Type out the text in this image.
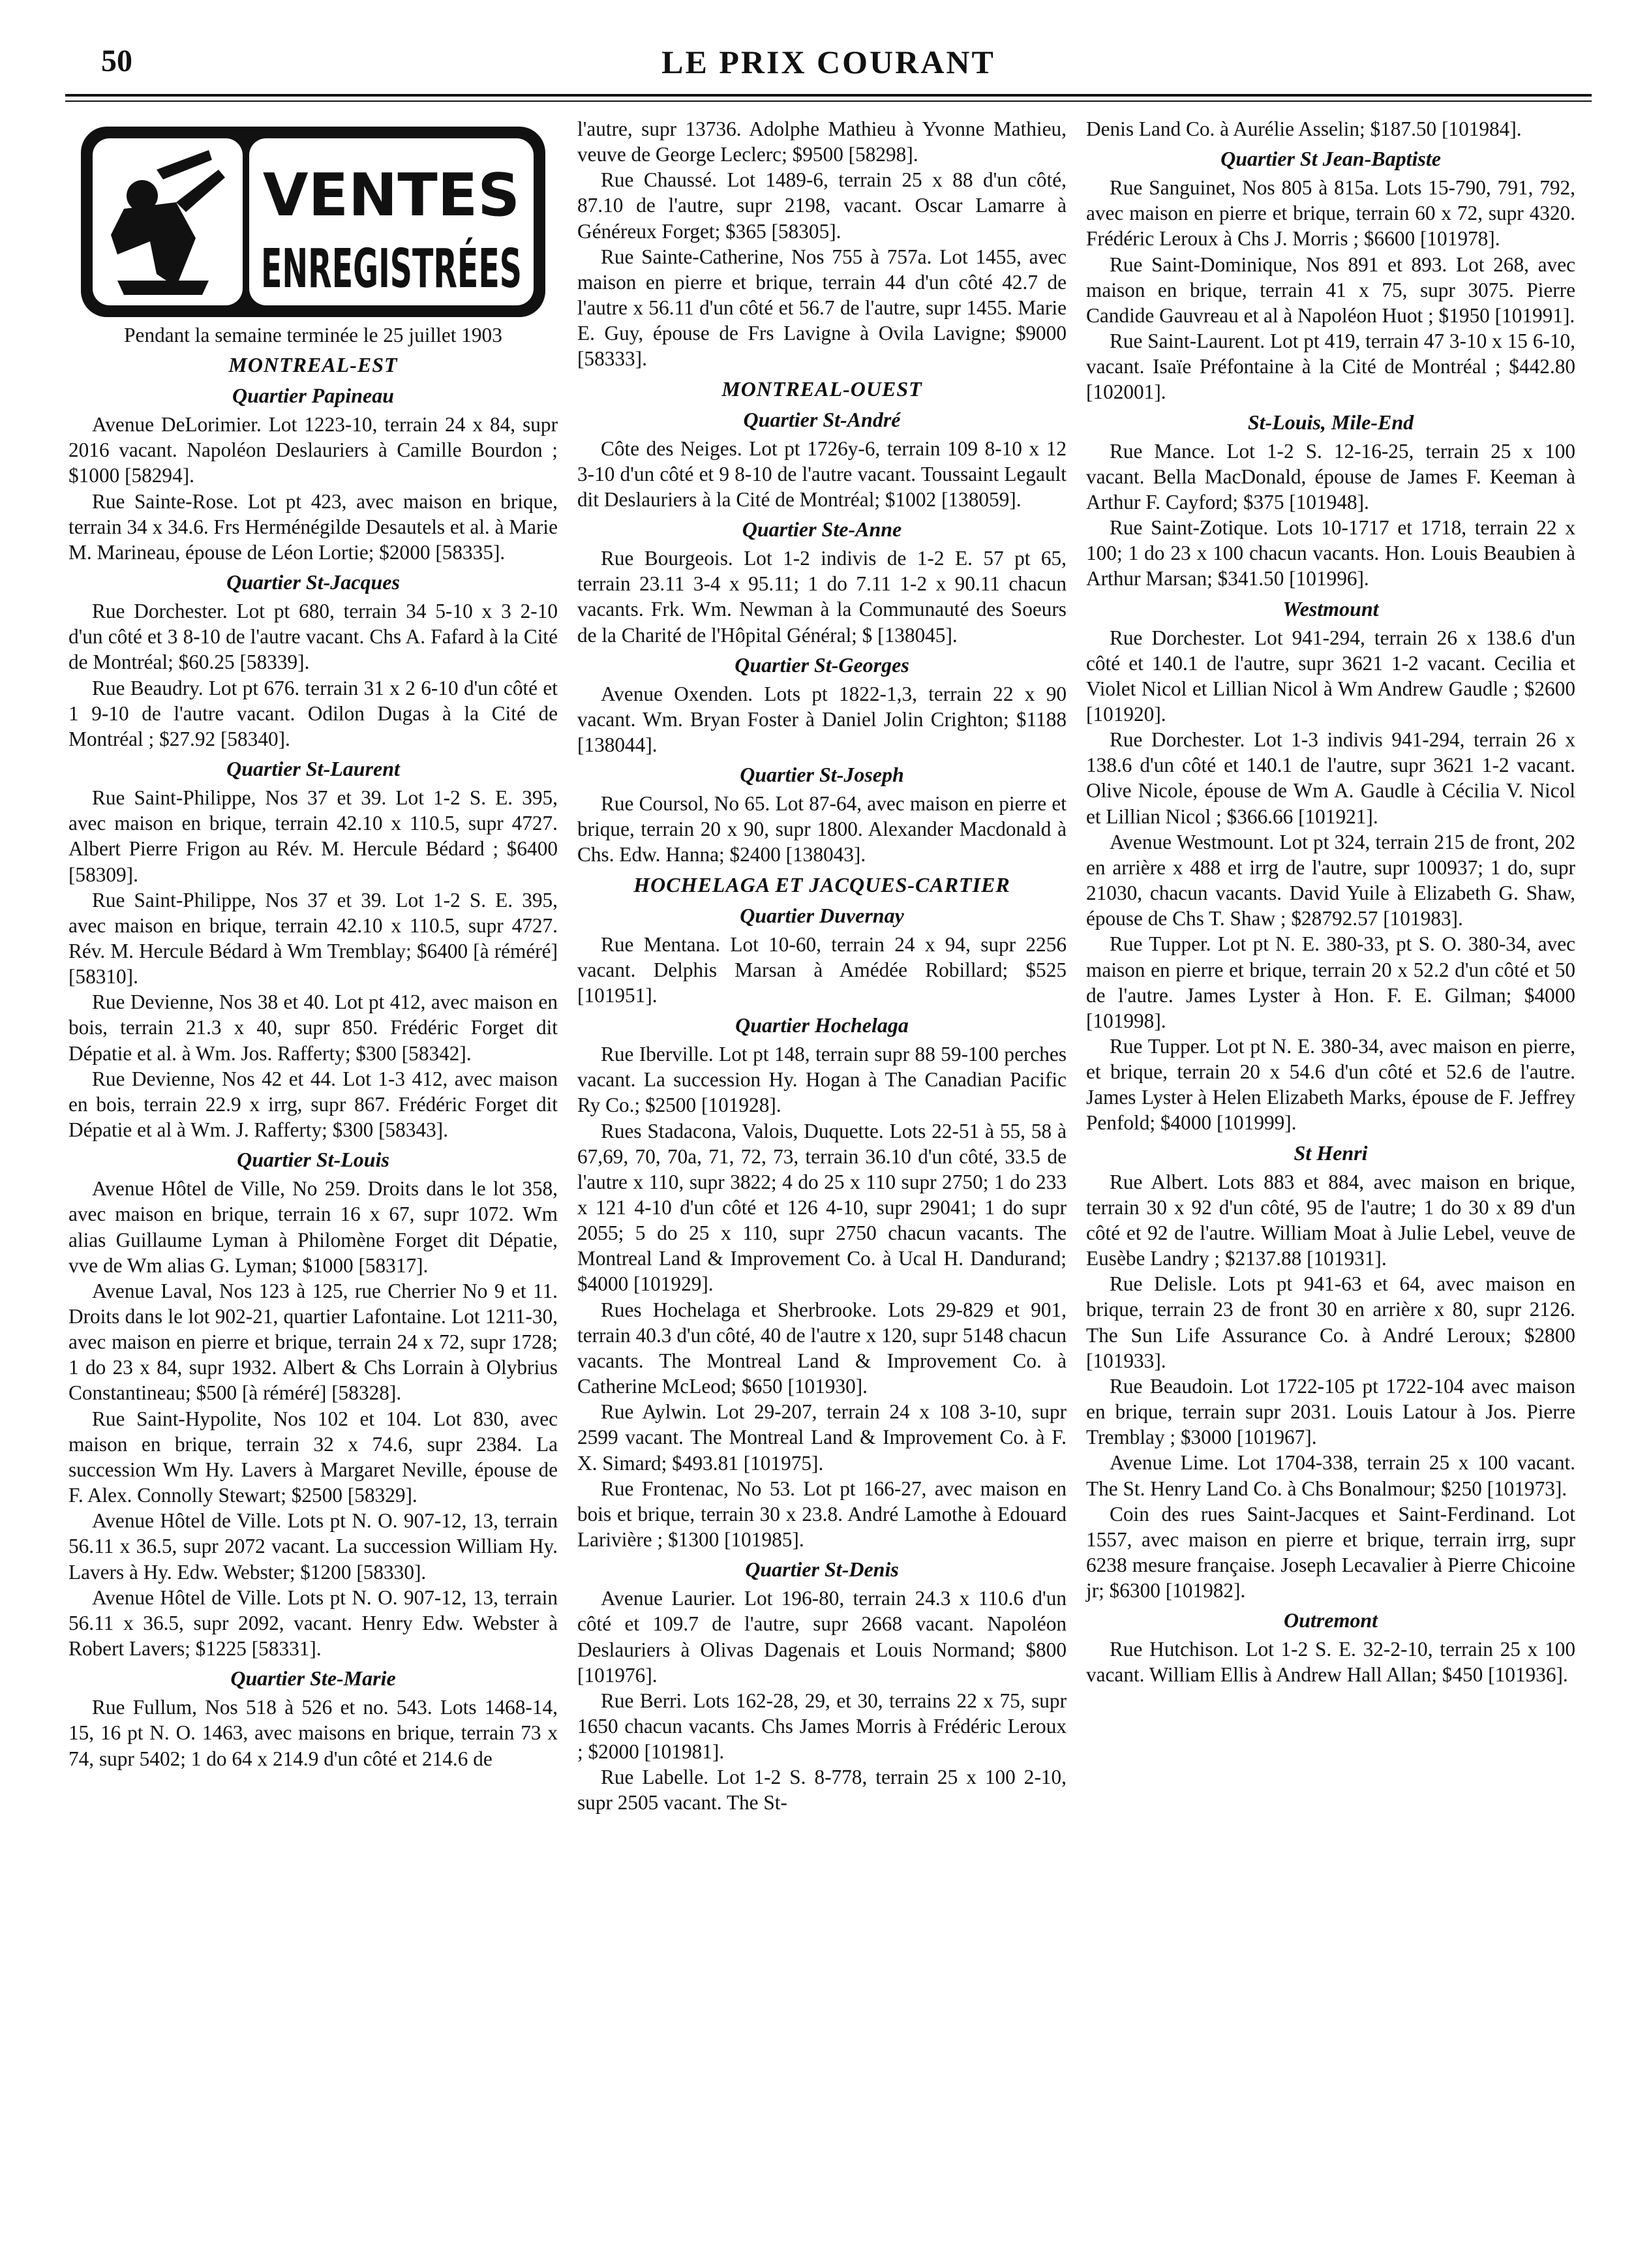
50	LE PRIX COURANT
VENTES
ENREGISTRÉES

Pendant la semaine terminée le 25 juillet 1903

MONTREAL-EST
Quartier Papineau

Avenue DeLorimier. Lot 1223-10, terrain 24 x 84, supr 2016 vacant. Napoléon Deslauriers à Camille Bourdon ; $1000 [58294].

Rue Sainte-Rose. Lot pt 423, avec maison en brique, terrain 34 x 34.6. Frs Herménégilde Desautels et al. à Marie M. Marineau, épouse de Léon Lortie; $2000 [58335].

Quartier St-Jacques

Rue Dorchester. Lot pt 680, terrain 34 5-10 x 3 2-10 d'un côté et 3 8-10 de l'autre vacant. Chs A. Fafard à la Cité de Montréal; $60.25 [58339].

Rue Beaudry. Lot pt 676. terrain 31 x 2 6-10 d'un côté et 1 9-10 de l'autre vacant. Odilon Dugas à la Cité de Montréal ; $27.92 [58340].

Quartier St-Laurent

Rue Saint-Philippe, Nos 37 et 39. Lot 1-2 S. E. 395, avec maison en brique, terrain 42.10 x 110.5, supr 4727. Albert Pierre Frigon au Rév. M. Hercule Bédard ; $6400 [58309].

Rue Saint-Philippe, Nos 37 et 39. Lot 1-2 S. E. 395, avec maison en brique, terrain 42.10 x 110.5, supr 4727. Rév. M. Hercule Bédard à Wm Tremblay; $6400 [à réméré] [58310].

Rue Devienne, Nos 38 et 40. Lot pt 412, avec maison en bois, terrain 21.3 x 40, supr 850. Frédéric Forget dit Dépatie et al. à Wm. Jos. Rafferty; $300 [58342].

Rue Devienne, Nos 42 et 44. Lot 1-3 412, avec maison en bois, terrain 22.9 x irrg, supr 867. Frédéric Forget dit Dépatie et al à Wm. J. Rafferty; $300 [58343].

Quartier St-Louis

Avenue Hôtel de Ville, No 259. Droits dans le lot 358, avec maison en brique, terrain 16 x 67, supr 1072. Wm alias Guillaume Lyman à Philomène Forget dit Dépatie, vve de Wm alias G. Lyman; $1000 [58317].

Avenue Laval, Nos 123 à 125, rue Cherrier No 9 et 11. Droits dans le lot 902-21, quartier Lafontaine. Lot 1211-30, avec maison en pierre et brique, terrain 24 x 72, supr 1728; 1 do 23 x 84, supr 1932. Albert & Chs Lorrain à Olybrius Constantineau; $500 [à réméré] [58328].

Rue Saint-Hypolite, Nos 102 et 104. Lot 830, avec maison en brique, terrain 32 x 74.6, supr 2384. La succession Wm Hy. Lavers à Margaret Neville, épouse de F. Alex. Connolly Stewart; $2500 [58329].

Avenue Hôtel de Ville. Lots pt N. O. 907-12, 13, terrain 56.11 x 36.5, supr 2072 vacant. La succession William Hy. Lavers à Hy. Edw. Webster; $1200 [58330].

Avenue Hôtel de Ville. Lots pt N. O. 907-12, 13, terrain 56.11 x 36.5, supr 2092, vacant. Henry Edw. Webster à Robert Lavers; $1225 [58331].

Quartier Ste-Marie

Rue Fullum, Nos 518 à 526 et no. 543. Lots 1468-14, 15, 16 pt N. O. 1463, avec maisons en brique, terrain 73 x 74, supr 5402; 1 do 64 x 214.9 d'un côté et 214.6 de

l'autre, supr 13736. Adolphe Mathieu à Yvonne Mathieu, veuve de George Leclerc; $9500 [58298].

Rue Chaussé. Lot 1489-6, terrain 25 x 88 d'un côté, 87.10 de l'autre, supr 2198, vacant. Oscar Lamarre à Généreux Forget; $365 [58305].

Rue Sainte-Catherine, Nos 755 à 757a. Lot 1455, avec maison en pierre et brique, terrain 44 d'un côté 42.7 de l'autre x 56.11 d'un côté et 56.7 de l'autre, supr 1455. Marie E. Guy, épouse de Frs Lavigne à Ovila Lavigne; $9000 [58333].

MONTREAL-OUEST
Quartier St-André

Côte des Neiges. Lot pt 1726y-6, terrain 109 8-10 x 12 3-10 d'un côté et 9 8-10 de l'autre vacant. Toussaint Legault dit Deslauriers à la Cité de Montréal; $1002 [138059].

Quartier Ste-Anne

Rue Bourgeois. Lot 1-2 indivis de 1-2 E. 57 pt 65, terrain 23.11 3-4 x 95.11; 1 do 7.11 1-2 x 90.11 chacun vacants. Frk. Wm. Newman à la Communauté des Soeurs de la Charité de l'Hôpital Général; $ [138045].

Quartier St-Georges

Avenue Oxenden. Lots pt 1822-1,3, terrain 22 x 90 vacant. Wm. Bryan Foster à Daniel Jolin Crighton; $1188 [138044].

Quartier St-Joseph

Rue Coursol, No 65. Lot 87-64, avec maison en pierre et brique, terrain 20 x 90, supr 1800. Alexander Macdonald à Chs. Edw. Hanna; $2400 [138043].

HOCHELAGA ET JACQUES-CARTIER
Quartier Duvernay

Rue Mentana. Lot 10-60, terrain 24 x 94, supr 2256 vacant. Delphis Marsan à Amédée Robillard; $525 [101951].

Quartier Hochelaga

Rue Iberville. Lot pt 148, terrain supr 88 59-100 perches vacant. La succession Hy. Hogan à The Canadian Pacific Ry Co.; $2500 [101928].

Rues Stadacona, Valois, Duquette. Lots 22-51 à 55, 58 à 67,69, 70, 70a, 71, 72, 73, terrain 36.10 d'un côté, 33.5 de l'autre x 110, supr 3822; 4 do 25 x 110 supr 2750; 1 do 233 x 121 4-10 d'un côté et 126 4-10, supr 29041; 1 do supr 2055; 5 do 25 x 110, supr 2750 chacun vacants. The Montreal Land & Improvement Co. à Ucal H. Dandurand; $4000 [101929].

Rues Hochelaga et Sherbrooke. Lots 29-829 et 901, terrain 40.3 d'un côté, 40 de l'autre x 120, supr 5148 chacun vacants. The Montreal Land & Improvement Co. à Catherine McLeod; $650 [101930].

Rue Aylwin. Lot 29-207, terrain 24 x 108 3-10, supr 2599 vacant. The Montreal Land & Improvement Co. à F. X. Simard; $493.81 [101975].

Rue Frontenac, No 53. Lot pt 166-27, avec maison en bois et brique, terrain 30 x 23.8. André Lamothe à Edouard Larivière ; $1300 [101985].

Quartier St-Denis

Avenue Laurier. Lot 196-80, terrain 24.3 x 110.6 d'un côté et 109.7 de l'autre, supr 2668 vacant. Napoléon Deslauriers à Olivas Dagenais et Louis Normand; $800 [101976].

Rue Berri. Lots 162-28, 29, et 30, terrains 22 x 75, supr 1650 chacun vacants. Chs James Morris à Frédéric Leroux ; $2000 [101981].

Rue Labelle. Lot 1-2 S. 8-778, terrain 25 x 100 2-10, supr 2505 vacant. The St-

Denis Land Co. à Aurélie Asselin; $187.50 [101984].

Quartier St Jean-Baptiste

Rue Sanguinet, Nos 805 à 815a. Lots 15-790, 791, 792, avec maison en pierre et brique, terrain 60 x 72, supr 4320. Frédéric Leroux à Chs J. Morris ; $6600 [101978].

Rue Saint-Dominique, Nos 891 et 893. Lot 268, avec maison en brique, terrain 41 x 75, supr 3075. Pierre Candide Gauvreau et al à Napoléon Huot ; $1950 [101991].

Rue Saint-Laurent. Lot pt 419, terrain 47 3-10 x 15 6-10, vacant. Isaïe Préfontaine à la Cité de Montréal ; $442.80 [102001].

St-Louis, Mile-End

Rue Mance. Lot 1-2 S. 12-16-25, terrain 25 x 100 vacant. Bella MacDonald, épouse de James F. Keeman à Arthur F. Cayford; $375 [101948].

Rue Saint-Zotique. Lots 10-1717 et 1718, terrain 22 x 100; 1 do 23 x 100 chacun vacants. Hon. Louis Beaubien à Arthur Marsan; $341.50 [101996].

Westmount

Rue Dorchester. Lot 941-294, terrain 26 x 138.6 d'un côté et 140.1 de l'autre, supr 3621 1-2 vacant. Cecilia et Violet Nicol et Lillian Nicol à Wm Andrew Gaudle ; $2600 [101920].

Rue Dorchester. Lot 1-3 indivis 941-294, terrain 26 x 138.6 d'un côté et 140.1 de l'autre, supr 3621 1-2 vacant. Olive Nicole, épouse de Wm A. Gaudle à Cécilia V. Nicol et Lillian Nicol ; $366.66 [101921].

Avenue Westmount. Lot pt 324, terrain 215 de front, 202 en arrière x 488 et irrg de l'autre, supr 100937; 1 do, supr 21030, chacun vacants. David Yuile à Elizabeth G. Shaw, épouse de Chs T. Shaw ; $28792.57 [101983].

Rue Tupper. Lot pt N. E. 380-33, pt S. O. 380-34, avec maison en pierre et brique, terrain 20 x 52.2 d'un côté et 50 de l'autre. James Lyster à Hon. F. E. Gilman; $4000 [101998].

Rue Tupper. Lot pt N. E. 380-34, avec maison en pierre, et brique, terrain 20 x 54.6 d'un côté et 52.6 de l'autre. James Lyster à Helen Elizabeth Marks, épouse de F. Jeffrey Penfold; $4000 [101999].

St Henri

Rue Albert. Lots 883 et 884, avec maison en brique, terrain 30 x 92 d'un côté, 95 de l'autre; 1 do 30 x 89 d'un côté et 92 de l'autre. William Moat à Julie Lebel, veuve de Eusèbe Landry ; $2137.88 [101931].

Rue Delisle. Lots pt 941-63 et 64, avec maison en brique, terrain 23 de front 30 en arrière x 80, supr 2126. The Sun Life Assurance Co. à André Leroux; $2800 [101933].

Rue Beaudoin. Lot 1722-105 pt 1722-104 avec maison en brique, terrain supr 2031. Louis Latour à Jos. Pierre Tremblay ; $3000 [101967].

Avenue Lime. Lot 1704-338, terrain 25 x 100 vacant. The St. Henry Land Co. à Chs Bonalmour; $250 [101973].

Coin des rues Saint-Jacques et Saint-Ferdinand. Lot 1557, avec maison en pierre et brique, terrain irrg, supr 6238 mesure française. Joseph Lecavalier à Pierre Chicoine jr; $6300 [101982].

Outremont

Rue Hutchison. Lot 1-2 S. E. 32-2-10, terrain 25 x 100 vacant. William Ellis à Andrew Hall Allan; $450 [101936].
